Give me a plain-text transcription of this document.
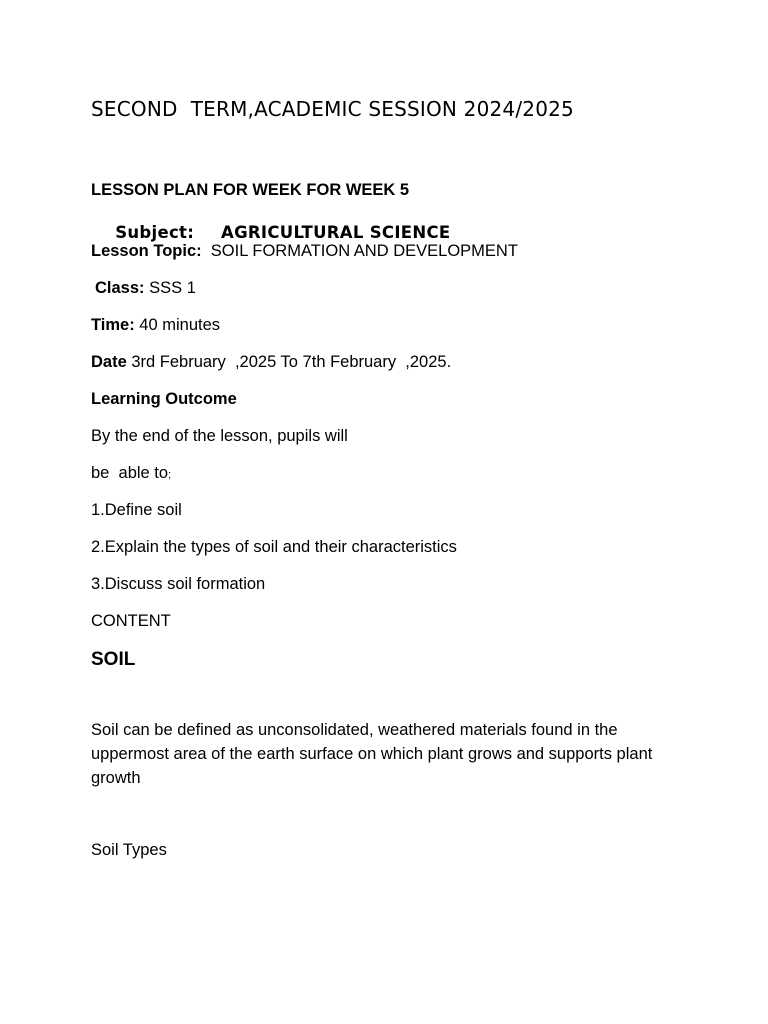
SECOND  TERM,ACADEMIC SESSION 2024/2025
LESSON PLAN FOR WEEK FOR WEEK 5

Subject: AGRICULTURAL SCIENCE

Lesson Topic:  SOIL FORMATION AND DEVELOPMENT
Class: SSS 1
Time: 40 minutes
Date 3rd February  ,2025 To 7th February  ,2025.
Learning Outcome
By the end of the lesson, pupils will
be  able to;
1.Define soil
2.Explain the types of soil and their characteristics
3.Discuss soil formation
CONTENT
SOIL
Soil can be defined as unconsolidated, weathered materials found in the uppermost area of the earth surface on which plant grows and supports plant growth
Soil Types
